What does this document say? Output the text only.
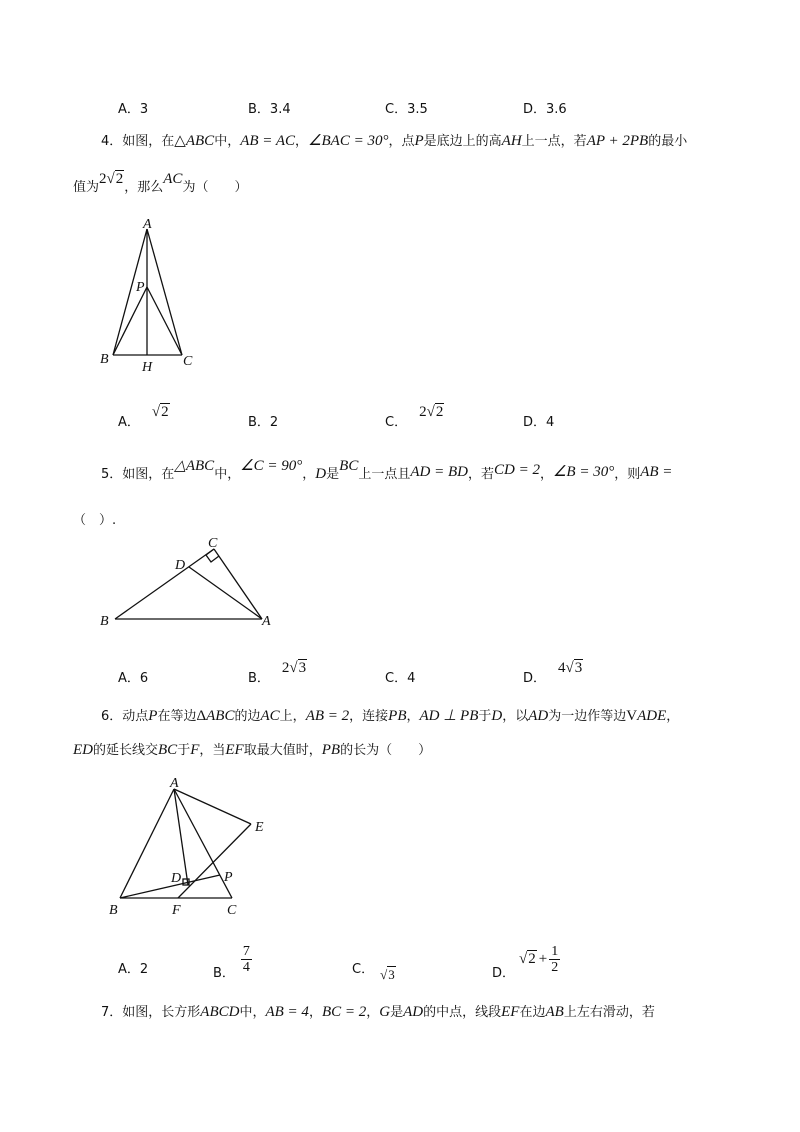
A．3	B．3.4	C．3.5	D．3.6
4．如图，在△ABC中，AB = AC，∠BAC = 30°，点P是底边上的高AH上一点，若AP + 2PB的最小
值为2√2，那么AC为（　　）
A
P
B
H C
A．√2
B．2	C．2√2
D．4
5．如图，在△ABC中，∠C = 90°，D是BC上一点且AD = BD，若CD = 2，∠B = 30°，则AB =
（　）.
C
D
B	A
A．6	B．2√3
C．4	D．4√3
6．动点P在等边ΔABC的边AC上，AB = 2，连接PB，AD ⊥ PB于D，以AD为一边作等边VADE，
ED的延长线交BC于F，当EF取最大值时，PB的长为（　　）
A
E
D	P
B	F	C
A．2	B． $\frac{7}{4}$	C． √3	D．$√2 + \frac{1}{2}$
7．如图，长方形ABCD中，AB = 4，BC = 2，G是AD的中点，线段EF在边AB上左右滑动，若
